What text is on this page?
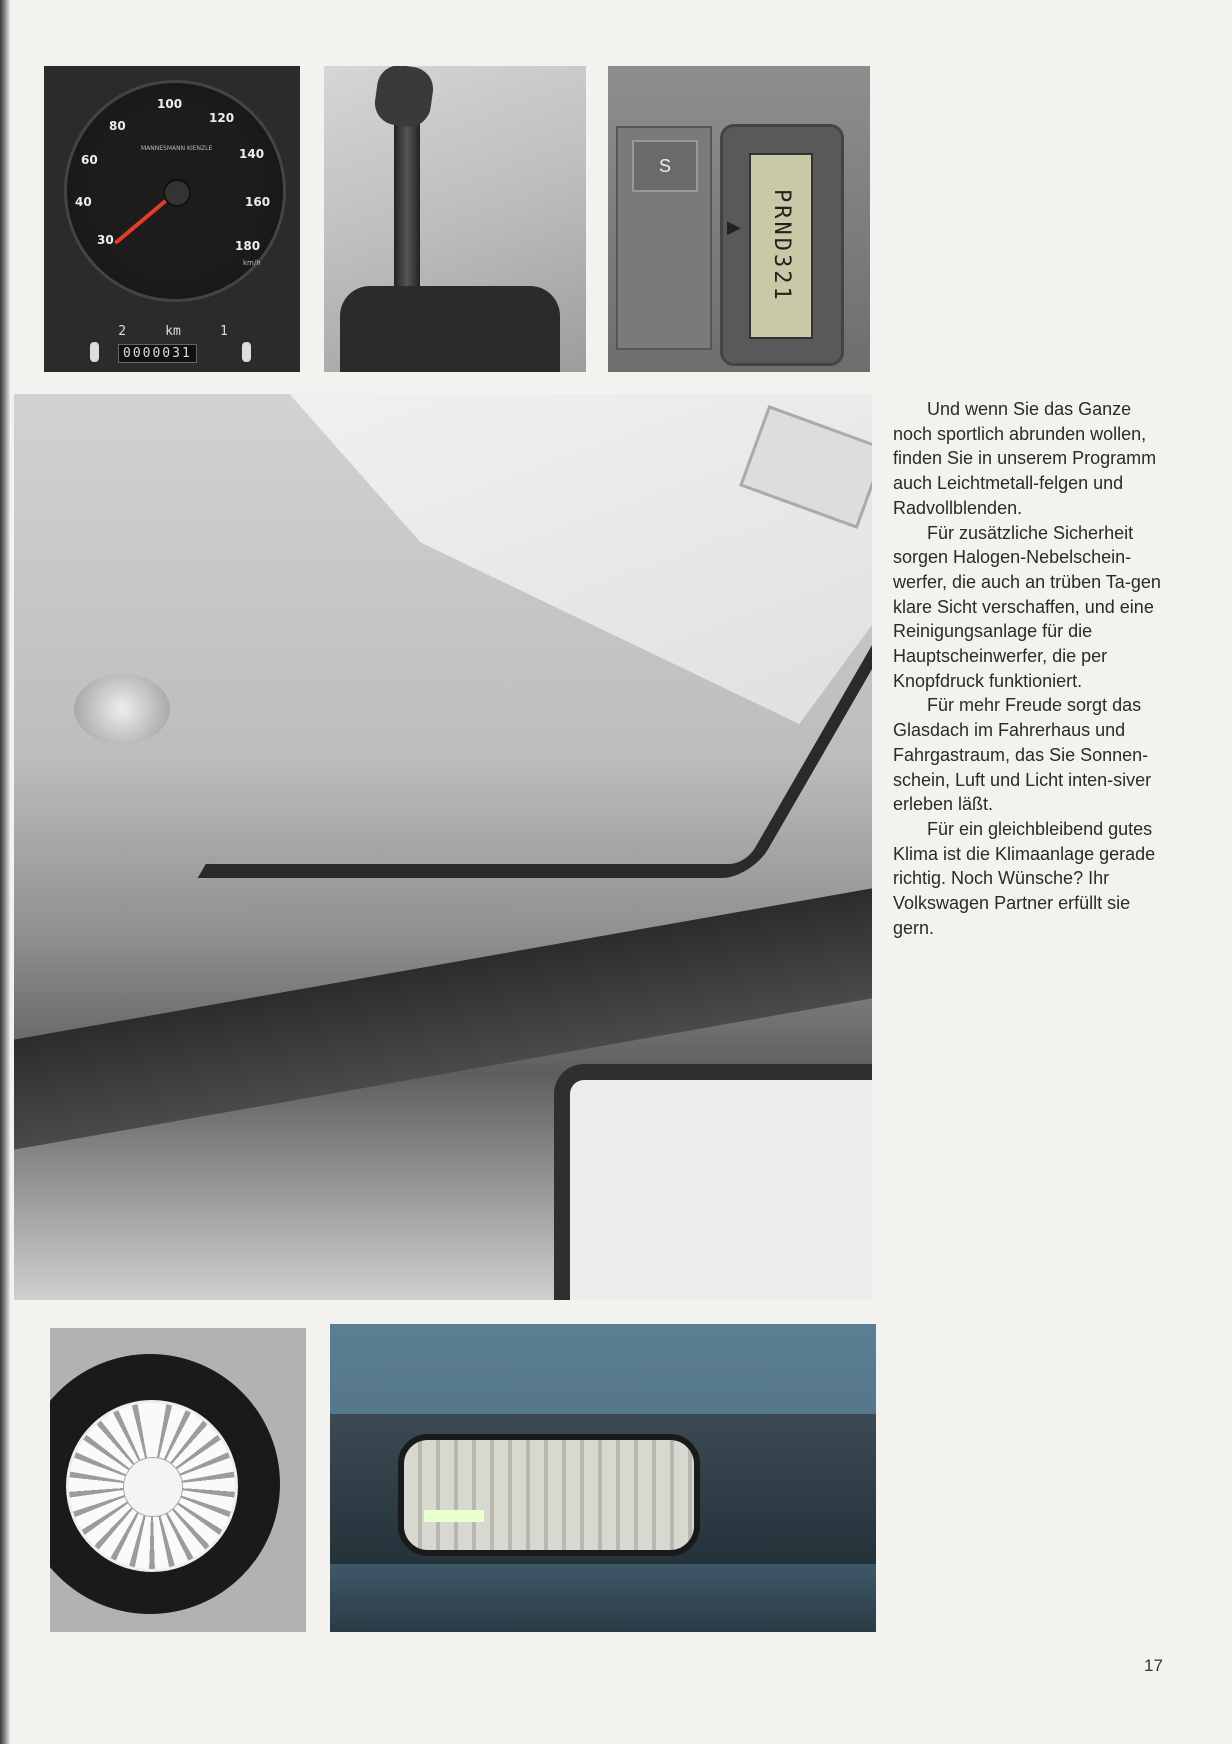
30
40
60
80
100
120
140
160
180
MANNESMANN KIENZLE
km/h
2	km	1
0000031
S
▶	PRND321

Und wenn Sie das Ganze noch sportlich abrunden wollen, finden Sie in unserem Programm auch Leichtmetall-felgen und Radvollblenden.

Für zusätzliche Sicherheit sorgen Halogen-Nebelschein-werfer, die auch an trüben Ta-gen klare Sicht verschaffen, und eine Reinigungsanlage für die Hauptscheinwerfer, die per Knopfdruck funktioniert.

Für mehr Freude sorgt das Glasdach im Fahrerhaus und Fahrgastraum, das Sie Sonnen-schein, Luft und Licht inten-siver erleben läßt.

Für ein gleichbleibend gutes Klima ist die Klimaanlage gerade richtig. Noch Wünsche? Ihr Volkswagen Partner erfüllt sie gern.

17
